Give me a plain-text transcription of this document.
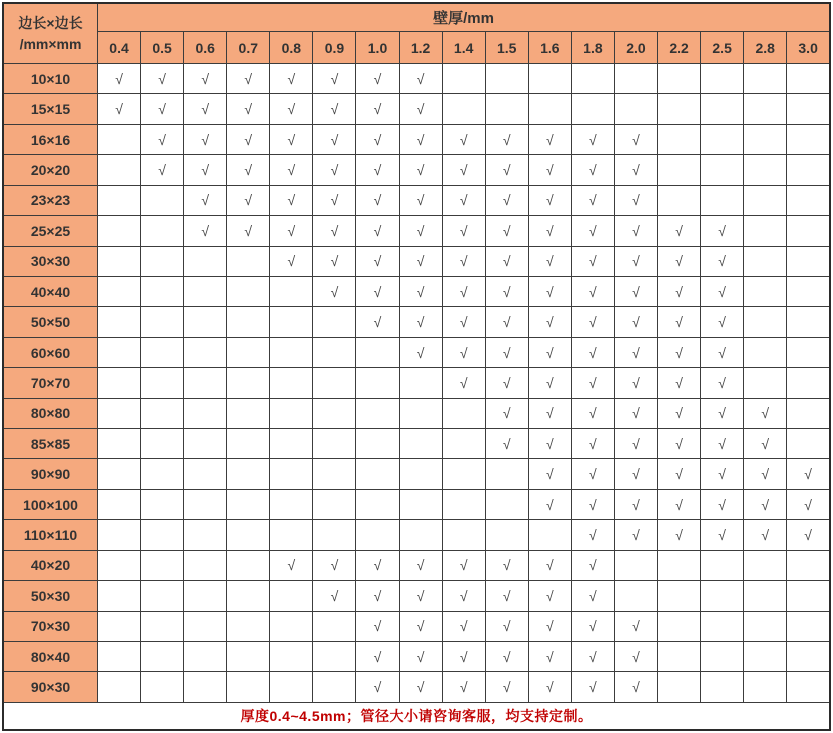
边长×边长
/mm×mm	壁厚/mm																
	0.4	0.5	0.6	0.7	0.8	0.9	1.0	1.2	1.4	1.5	1.6	1.8	2.0	2.2	2.5	2.8	3.0
10×10	√	√	√	√	√	√	√	√									
15×15	√	√	√	√	√	√	√	√									
16×16		√	√	√	√	√	√	√	√	√	√	√	√				
20×20		√	√	√	√	√	√	√	√	√	√	√	√				
23×23			√	√	√	√	√	√	√	√	√	√	√				
25×25			√	√	√	√	√	√	√	√	√	√	√	√	√		
30×30					√	√	√	√	√	√	√	√	√	√	√		
40×40						√	√	√	√	√	√	√	√	√	√		
50×50							√	√	√	√	√	√	√	√	√		
60×60								√	√	√	√	√	√	√	√		
70×70									√	√	√	√	√	√	√		
80×80										√	√	√	√	√	√	√	
85×85										√	√	√	√	√	√	√	
90×90											√	√	√	√	√	√	√
100×100											√	√	√	√	√	√	√
110×110												√	√	√	√	√	√
40×20					√	√	√	√	√	√	√	√					
50×30						√	√	√	√	√	√	√					
70×30							√	√	√	√	√	√	√				
80×40							√	√	√	√	√	√	√				
90×30							√	√	√	√	√	√	√				
厚度0.4~4.5mm；管径大小请咨询客服，均支持定制。																	
